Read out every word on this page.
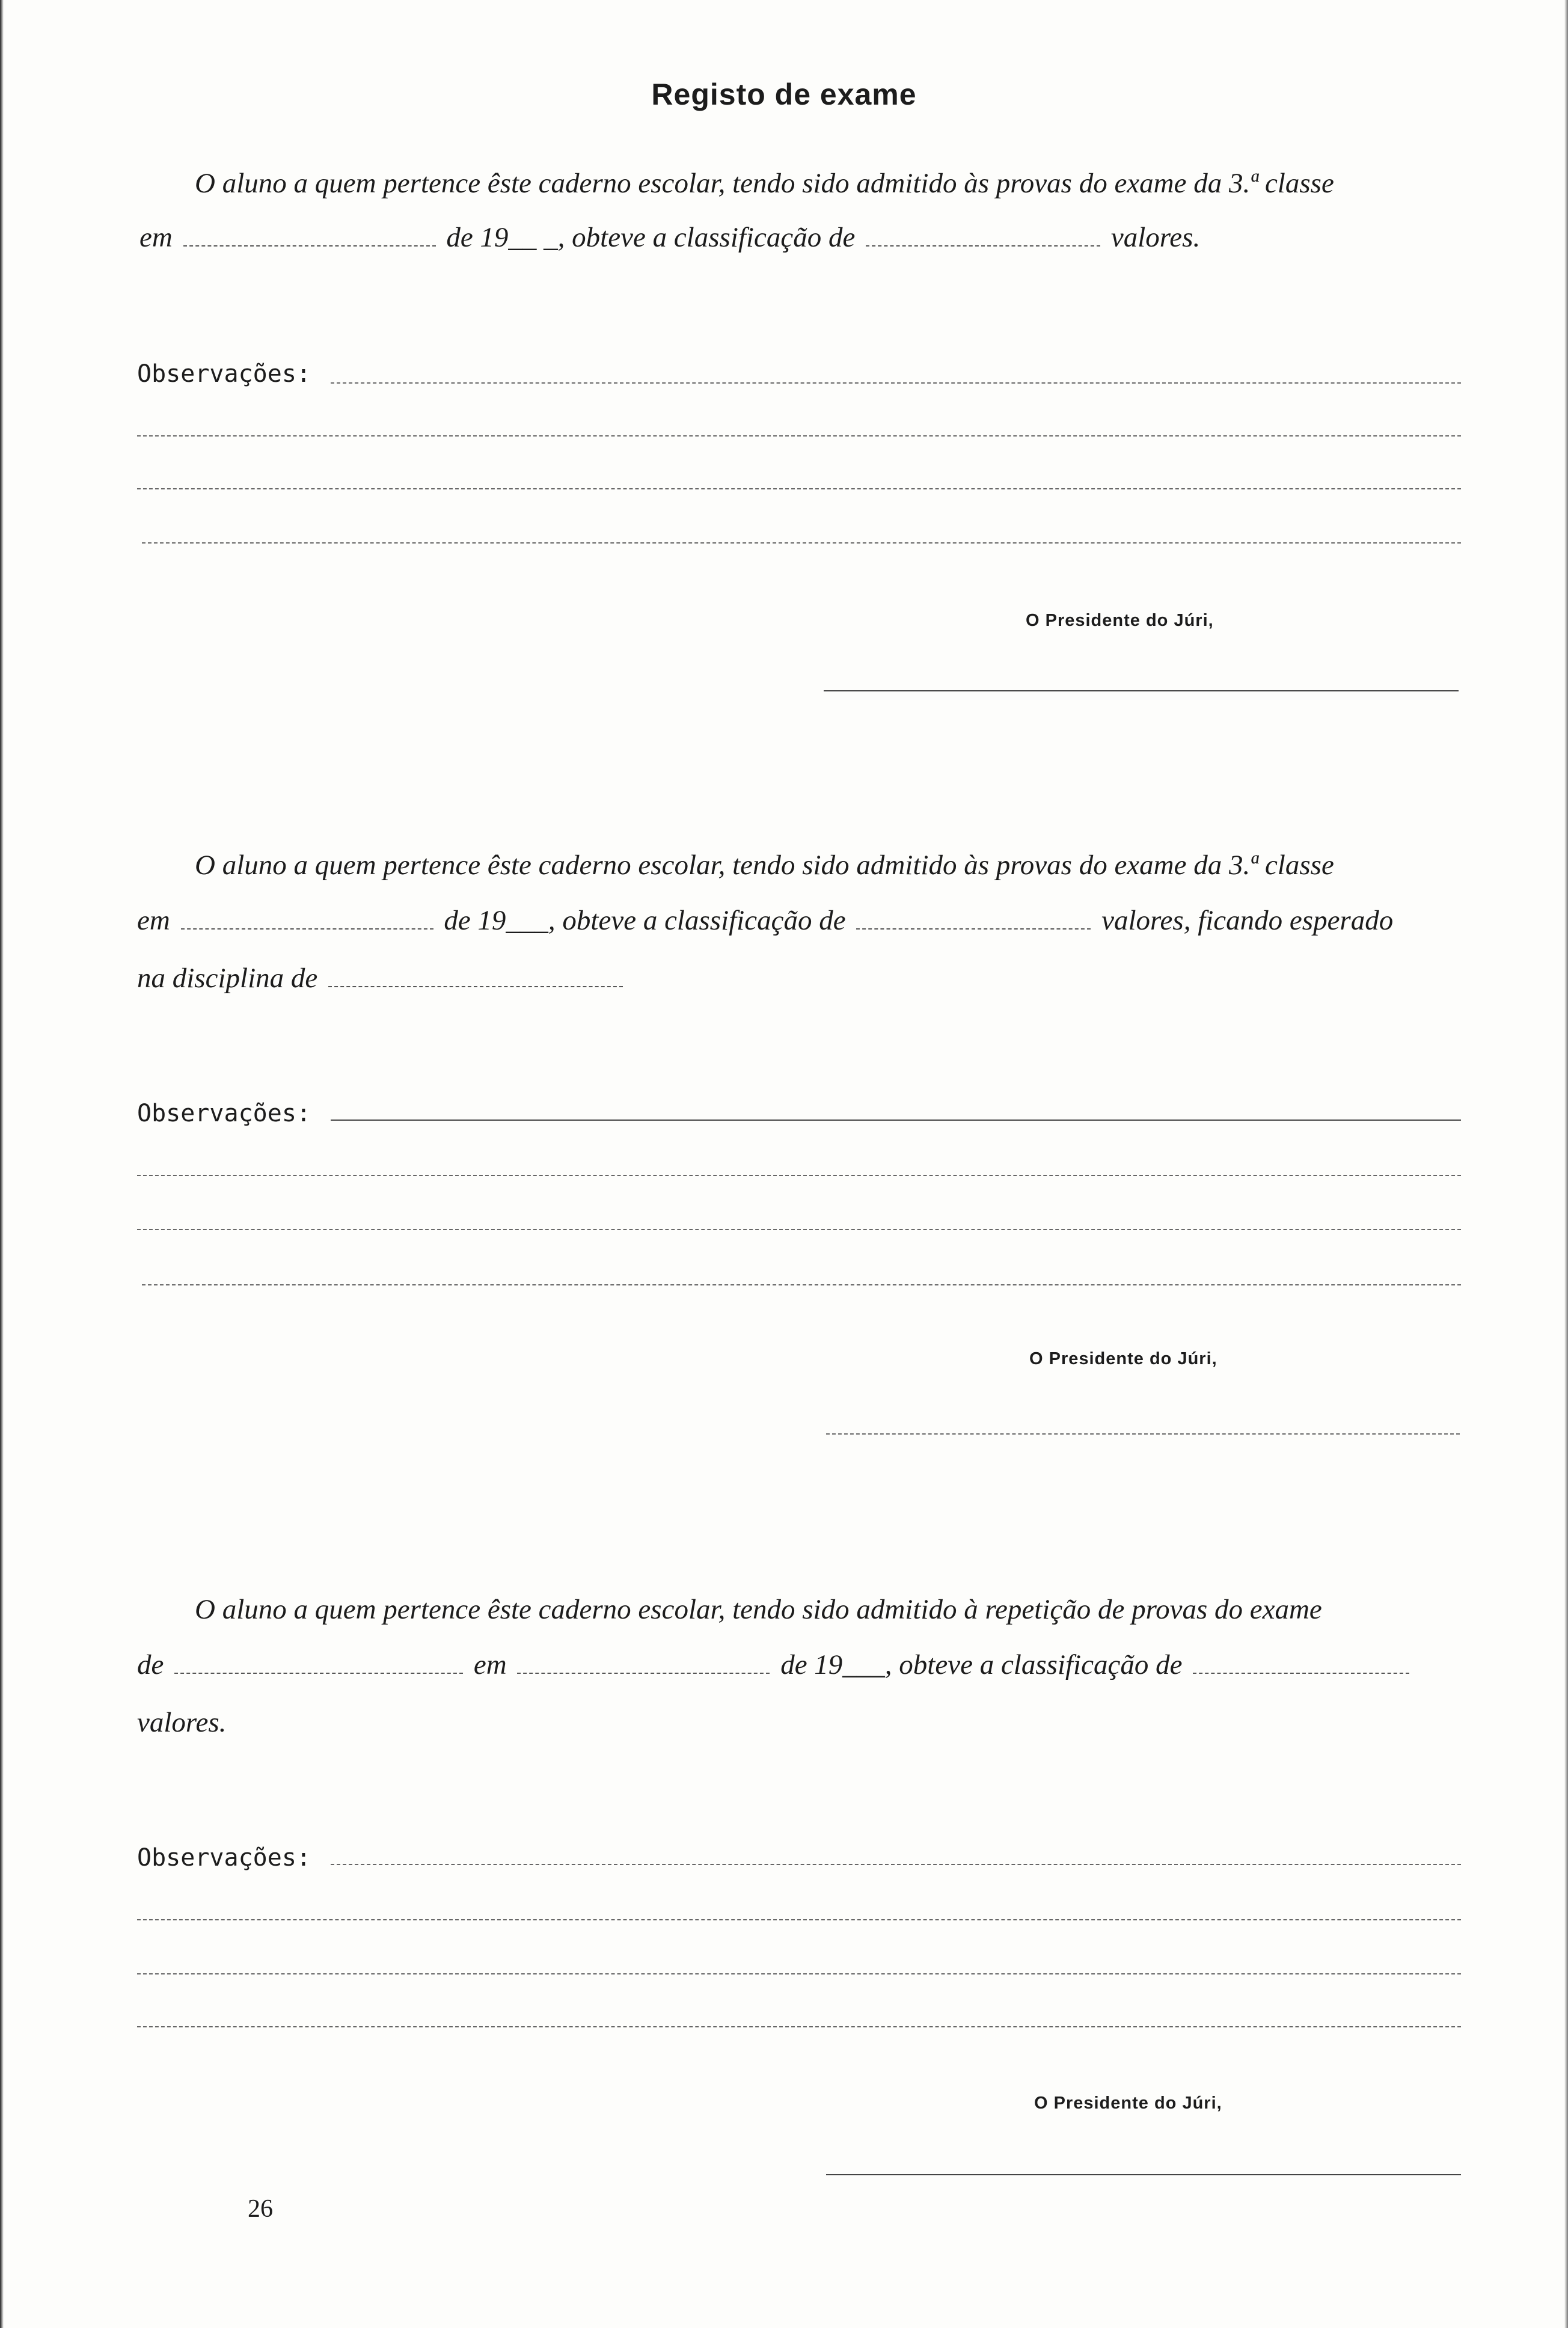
Registo de exame
O aluno a quem pertence êste caderno escolar, tendo sido admitido às provas do exame da 3.ª classe
em	de 19__ _, obteve a classificação de	valores.
Observações:
O Presidente do Júri,
O aluno a quem pertence êste caderno escolar, tendo sido admitido às provas do exame da 3.ª classe
em	de 19___, obteve a classificação de	valores, ficando esperado
na disciplina de
Observações:
O Presidente do Júri,
O aluno a quem pertence êste caderno escolar, tendo sido admitido à repetição de provas do exame
de	em	de 19___, obteve a classificação de
valores.
Observações:
O Presidente do Júri,
26
